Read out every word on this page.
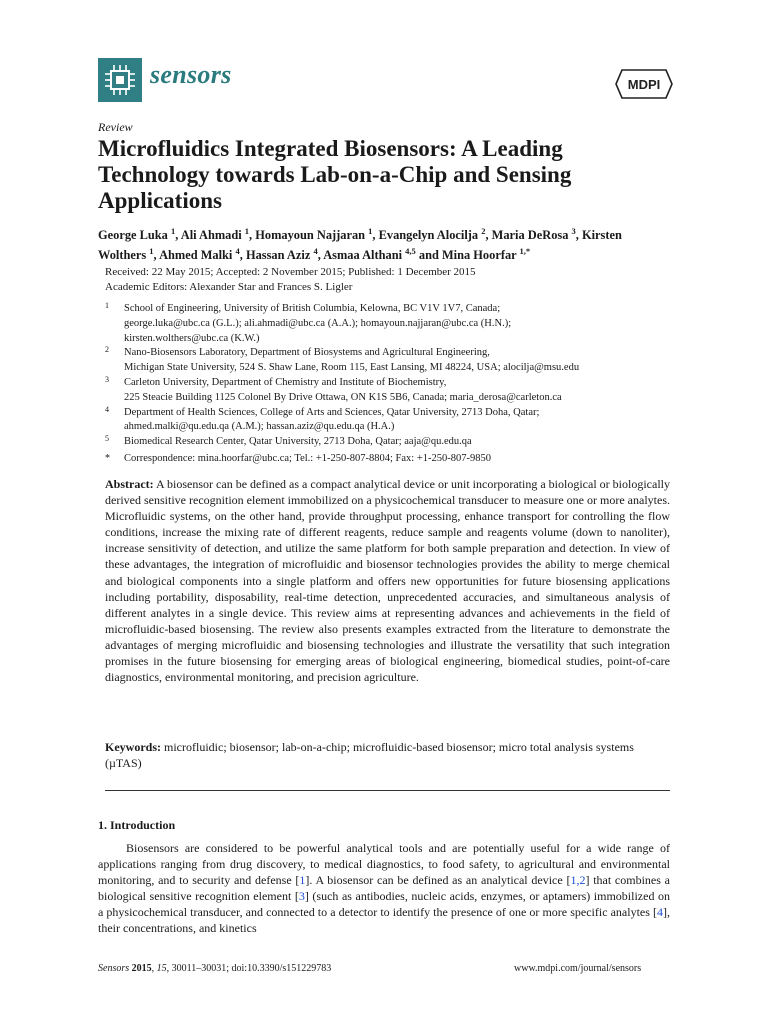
sensors	MDPI
Review
Microfluidics Integrated Biosensors: A Leading Technology towards Lab-on-a-Chip and Sensing Applications
George Luka $^1$, Ali Ahmadi $^1$, Homayoun Najjaran $^1$, Evangelyn Alocilja $^2$, Maria DeRosa $^3$, Kirsten Wolthers $^1$, Ahmed Malki $^4$, Hassan Aziz $^4$, Asmaa Althani $^{4,5}$ and Mina Hoorfar $^{1,*}$
Received: 22 May 2015; Accepted: 2 November 2015; Published: 1 December 2015
Academic Editors: Alexander Star and Frances S. Ligler
1 School of Engineering, University of British Columbia, Kelowna, BC V1V 1V7, Canada;
george.luka@ubc.ca (G.L.); ali.ahmadi@ubc.ca (A.A.); homayoun.najjaran@ubc.ca (H.N.);
kirsten.wolthers@ubc.ca (K.W.)
2 Nano-Biosensors Laboratory, Department of Biosystems and Agricultural Engineering,
Michigan State University, 524 S. Shaw Lane, Room 115, East Lansing, MI 48224, USA; alocilja@msu.edu
3 Carleton University, Department of Chemistry and Institute of Biochemistry,
225 Steacie Building 1125 Colonel By Drive Ottawa, ON K1S 5B6, Canada; maria_derosa@carleton.ca
4 Department of Health Sciences, College of Arts and Sciences, Qatar University, 2713 Doha, Qatar;
ahmed.malki@qu.edu.qa (A.M.); hassan.aziz@qu.edu.qa (H.A.)
5 Biomedical Research Center, Qatar University, 2713 Doha, Qatar; aaja@qu.edu.qa
* Correspondence: mina.hoorfar@ubc.ca; Tel.: +1-250-807-8804; Fax: +1-250-807-9850
Abstract: A biosensor can be defined as a compact analytical device or unit incorporating a biological or biologically derived sensitive recognition element immobilized on a physicochemical transducer to measure one or more analytes. Microfluidic systems, on the other hand, provide throughput processing, enhance transport for controlling the flow conditions, increase the mixing rate of different reagents, reduce sample and reagents volume (down to nanoliter), increase sensitivity of detection, and utilize the same platform for both sample preparation and detection. In view of these advantages, the integration of microfluidic and biosensor technologies provides the ability to merge chemical and biological components into a single platform and offers new opportunities for future biosensing applications including portability, disposability, real-time detection, unprecedented accuracies, and simultaneous analysis of different analytes in a single device. This review aims at representing advances and achievements in the field of microfluidic-based biosensing. The review also presents examples extracted from the literature to demonstrate the advantages of merging microfluidic and biosensing technologies and illustrate the versatility that such integration promises in the future biosensing for emerging areas of biological engineering, biomedical studies, point-of-care diagnostics, environmental monitoring, and precision agriculture.
Keywords: microfluidic; biosensor; lab-on-a-chip; microfluidic-based biosensor; micro total analysis systems (µTAS)
1. Introduction
Biosensors are considered to be powerful analytical tools and are potentially useful for a wide range of applications ranging from drug discovery, to medical diagnostics, to food safety, to agricultural and environmental monitoring, and to security and defense [1]. A biosensor can be defined as an analytical device [1,2] that combines a biological sensitive recognition element [3] (such as antibodies, nucleic acids, enzymes, or aptamers) immobilized on a physicochemical transducer, and connected to a detector to identify the presence of one or more specific analytes [4], their concentrations, and kinetics
Sensors 2015, 15, 30011–30031; doi:10.3390/s151229783	www.mdpi.com/journal/sensors
